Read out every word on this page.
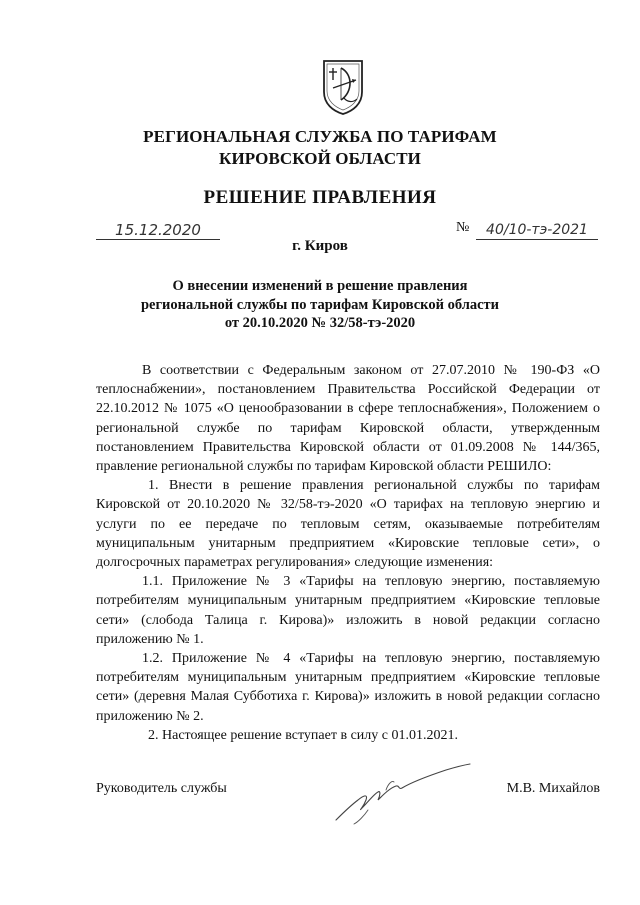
РЕГИОНАЛЬНАЯ СЛУЖБА ПО ТАРИФАМ
КИРОВСКОЙ ОБЛАСТИ
РЕШЕНИЕ ПРАВЛЕНИЯ
15.12.2020	№	40/10-тэ-2021
г. Киров
О внесении изменений в решение правления
региональной службы по тарифам Кировской области
от 20.10.2020 № 32/58-тэ-2020

В соответствии с Федеральным законом от 27.07.2010 № 190-ФЗ «О теплоснабжении», постановлением Правительства Российской Федерации от 22.10.2012 № 1075 «О ценообразовании в сфере теплоснабжения», Положением о региональной службе по тарифам Кировской области, утвержденным постановлением Правительства Кировской области от 01.09.2008 № 144/365, правление региональной службы по тарифам Кировской области РЕШИЛО:

1. Внести в решение правления региональной службы по тарифам Кировской от 20.10.2020 № 32/58-тэ-2020 «О тарифах на тепловую энергию и услуги по ее передаче по тепловым сетям, оказываемые потребителям муниципальным унитарным предприятием «Кировские тепловые сети», о долгосрочных параметрах регулирования» следующие изменения:

1.1. Приложение № 3 «Тарифы на тепловую энергию, поставляемую потребителям муниципальным унитарным предприятием «Кировские тепловые сети» (слобода Талица г. Кирова)» изложить в новой редакции согласно приложению № 1.

1.2. Приложение № 4 «Тарифы на тепловую энергию, поставляемую потребителям муниципальным унитарным предприятием «Кировские тепловые сети» (деревня Малая Субботиха г. Кирова)» изложить в новой редакции согласно приложению № 2.

2. Настоящее решение вступает в силу с 01.01.2021.

Руководитель службы	М.В. Михайлов
